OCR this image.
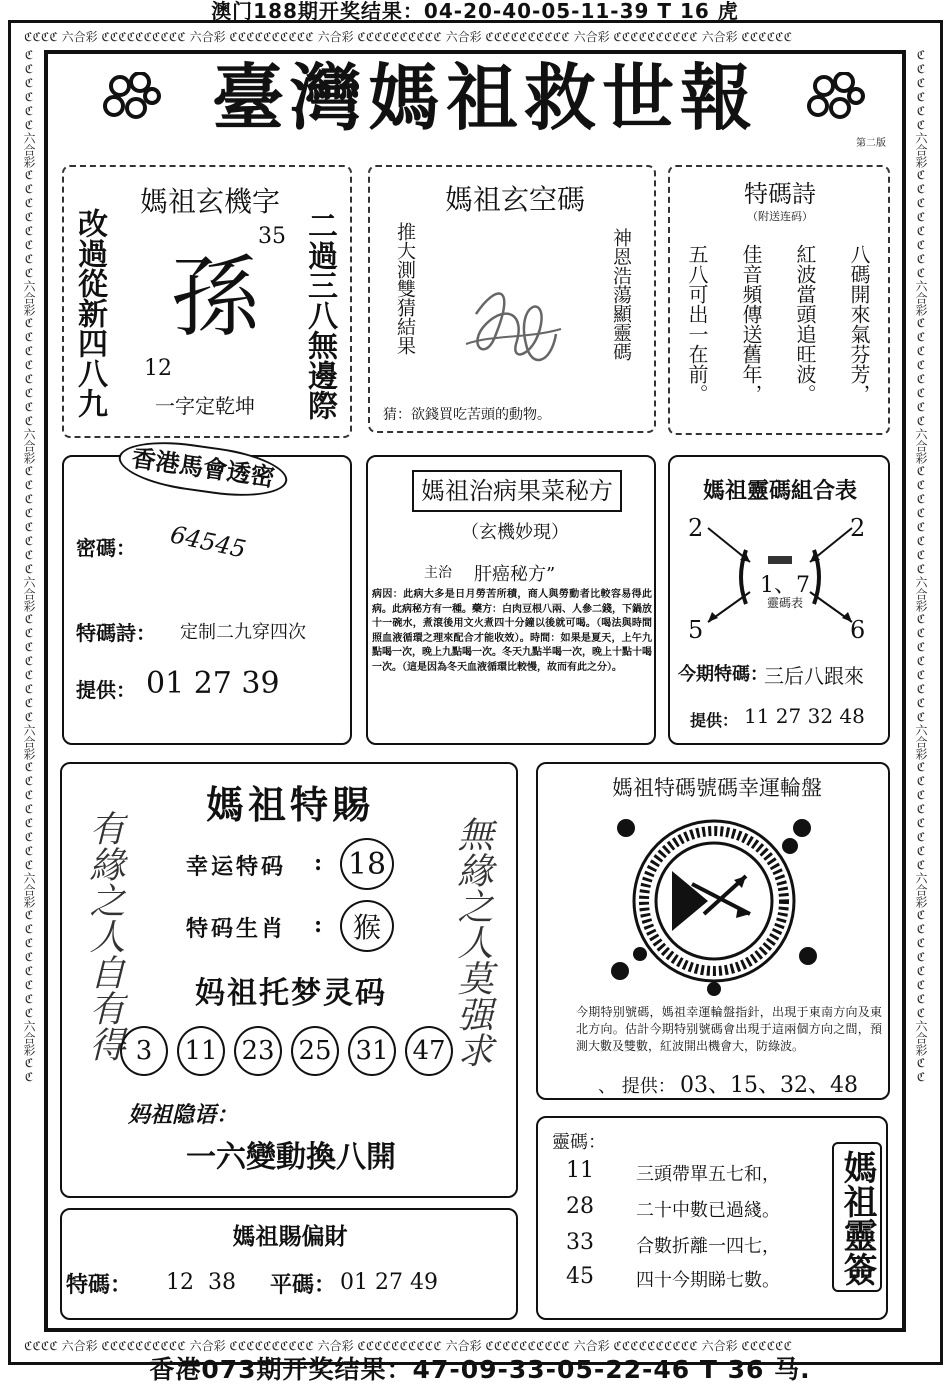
澳门188期开奖结果：04-20-40-05-11-39 T 16 虎
ℭℭℭℭ 六合彩 ℭℭℭℭℭℭℭℭℭℭ 六合彩 ℭℭℭℭℭℭℭℭℭℭ 六合彩 ℭℭℭℭℭℭℭℭℭℭ 六合彩 ℭℭℭℭℭℭℭℭℭℭ 六合彩 ℭℭℭℭℭℭℭℭℭℭ 六合彩 ℭℭℭℭℭℭ
ℭℭℭℭ 六合彩 ℭℭℭℭℭℭℭℭℭℭ 六合彩 ℭℭℭℭℭℭℭℭℭℭ 六合彩 ℭℭℭℭℭℭℭℭℭℭ 六合彩 ℭℭℭℭℭℭℭℭℭℭ 六合彩 ℭℭℭℭℭℭℭℭℭℭ 六合彩 ℭℭℭℭℭℭ
ℭℭℭℭℭℭ六合彩ℭℭℭℭℭℭℭℭ六合彩ℭℭℭℭℭℭℭℭ六合彩ℭℭℭℭℭℭℭℭ六合彩ℭℭℭℭℭℭℭℭ六合彩ℭℭℭℭℭℭℭℭ六合彩ℭℭℭℭℭℭℭℭ六合彩ℭℭ	ℭℭℭℭℭℭ六合彩ℭℭℭℭℭℭℭℭ六合彩ℭℭℭℭℭℭℭℭ六合彩ℭℭℭℭℭℭℭℭ六合彩ℭℭℭℭℭℭℭℭ六合彩ℭℭℭℭℭℭℭℭ六合彩ℭℭℭℭℭℭℭℭ六合彩ℭℭ
香港073期开奖结果：47-09-33-05-22-46 T 36 马.
臺灣媽祖救世報
第二版
媽祖玄機字
改過從新四八九	二過三八無邊際
孫
35
12
一字定乾坤
媽祖玄空碼
推大測雙猜結果	神恩浩蕩顯靈碼
猜：欲錢買吃苦頭的動物。
特碼詩
（附送连码）
八碼開來氣芬芳，
紅波當頭追旺波。
佳音頻傳送舊年，
五八可出一在前。
香港馬會透密
密碼： 64545
特碼詩： 定制二九穿四次
提供： 01 27 39
媽祖治病果菜秘方
（玄機妙現）
主治 肝癌秘方”
病因：此病大多是日月勞苦所積，商人與勞動者比較容易得此病。此病秘方有一種。藥方：白肉豆根八兩、人參二錢，下鍋放十一碗水，煮滾後用文火煮四十分鐘以後就可喝。（喝法與時間照血液循環之理來配合才能收效）。時間：如果是夏天，上午九點喝一次，晚上九點喝一次。冬天九點半喝一次，晚上十點十喝一次。（這是因為冬天血液循環比較慢，故而有此之分）。
媽祖靈碼組合表
2	2
5	6
1、7
靈碼表
今期特碼：
三后八跟來
提供： 11 27 32 48
媽祖特賜
有緣之人自有得	無緣之人莫强求
幸运特码 : 18
特码生肖 :	猴
妈祖托梦灵码
3	11 23 25 31 47
妈祖隐语：
一六變動換八開
媽祖特碼號碼幸運輪盤
今期特别號碼，媽祖幸運輪盤指針，出現于東南方向及東北方向。估計今期特别號碼會出現于這兩個方向之間，預測大數及雙數，紅波開出機會大，防綠波。
、 提供： 03、15、32、48
媽祖賜偏財
特碼： 12  38 平碼： 01 27 49
靈碼：
11 三頭帶單五七和，
28 二十中數已過綫。
33 合數折離一四七，
45 四十今期睇七數。 媽祖靈簽
